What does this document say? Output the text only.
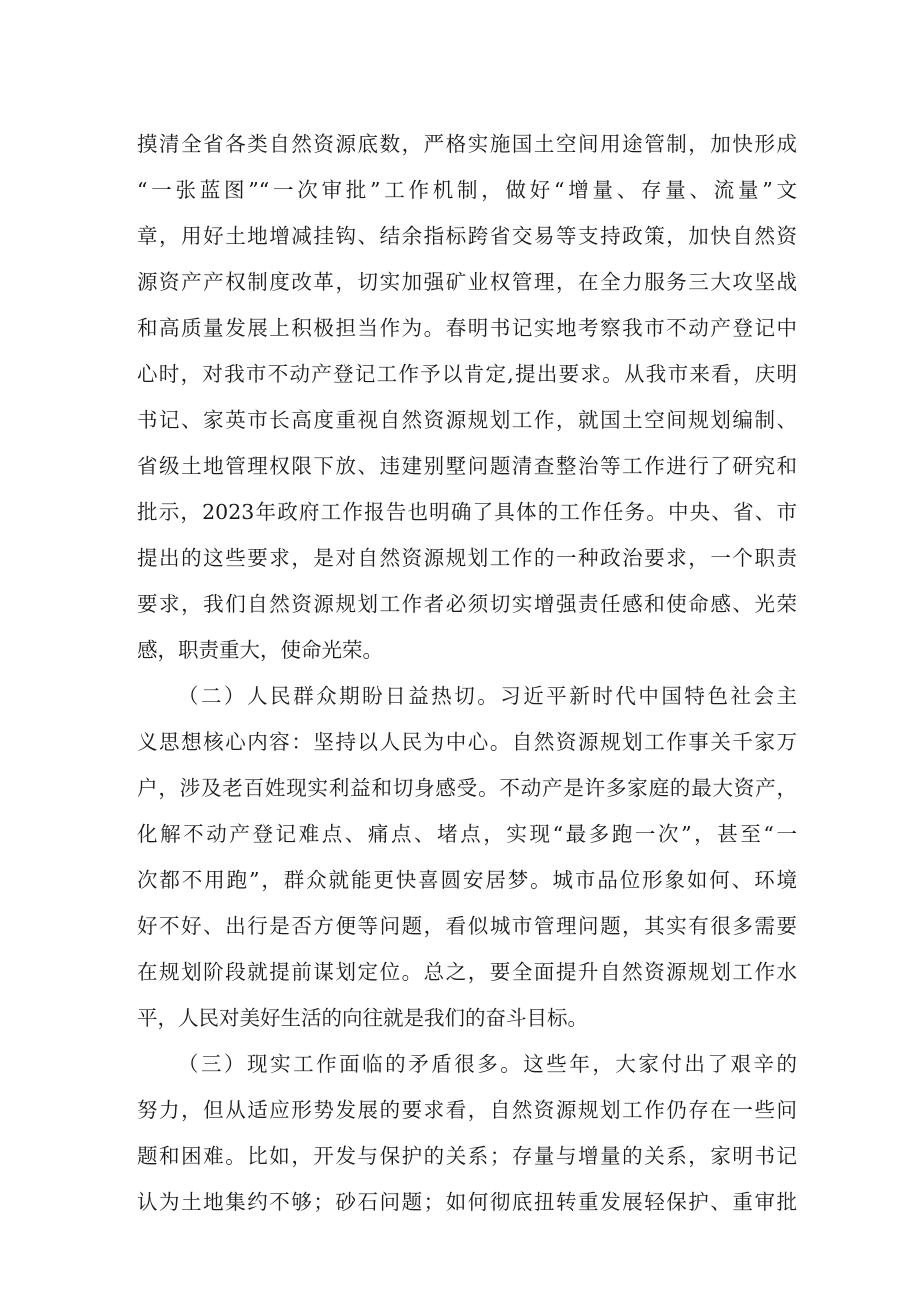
摸清全省各类自然资源底数，严格实施国土空间用途管制，加快形成
“一张蓝图”“一次审批”工作机制，做好“增量、存量、流量”文
章，用好土地增减挂钩、结余指标跨省交易等支持政策，加快自然资
源资产产权制度改革，切实加强矿业权管理，在全力服务三大攻坚战
和高质量发展上积极担当作为。春明书记实地考察我市不动产登记中
心时，对我市不动产登记工作予以肯定,提出要求。从我市来看，庆明
书记、家英市长高度重视自然资源规划工作，就国土空间规划编制、
省级土地管理权限下放、违建别墅问题清查整治等工作进行了研究和
批示，2023年政府工作报告也明确了具体的工作任务。中央、省、市
提出的这些要求，是对自然资源规划工作的一种政治要求，一个职责
要求，我们自然资源规划工作者必须切实增强责任感和使命感、光荣
感，职责重大，使命光荣。
（二）人民群众期盼日益热切。习近平新时代中国特色社会主
义思想核心内容：坚持以人民为中心。自然资源规划工作事关千家万
户，涉及老百姓现实利益和切身感受。不动产是许多家庭的最大资产，
化解不动产登记难点、痛点、堵点，实现“最多跑一次”，甚至“一
次都不用跑”，群众就能更快喜圆安居梦。城市品位形象如何、环境
好不好、出行是否方便等问题，看似城市管理问题，其实有很多需要
在规划阶段就提前谋划定位。总之，要全面提升自然资源规划工作水
平，人民对美好生活的向往就是我们的奋斗目标。
（三）现实工作面临的矛盾很多。这些年，大家付出了艰辛的
努力，但从适应形势发展的要求看，自然资源规划工作仍存在一些问
题和困难。比如，开发与保护的关系；存量与增量的关系，家明书记
认为土地集约不够；砂石问题；如何彻底扭转重发展轻保护、重审批
